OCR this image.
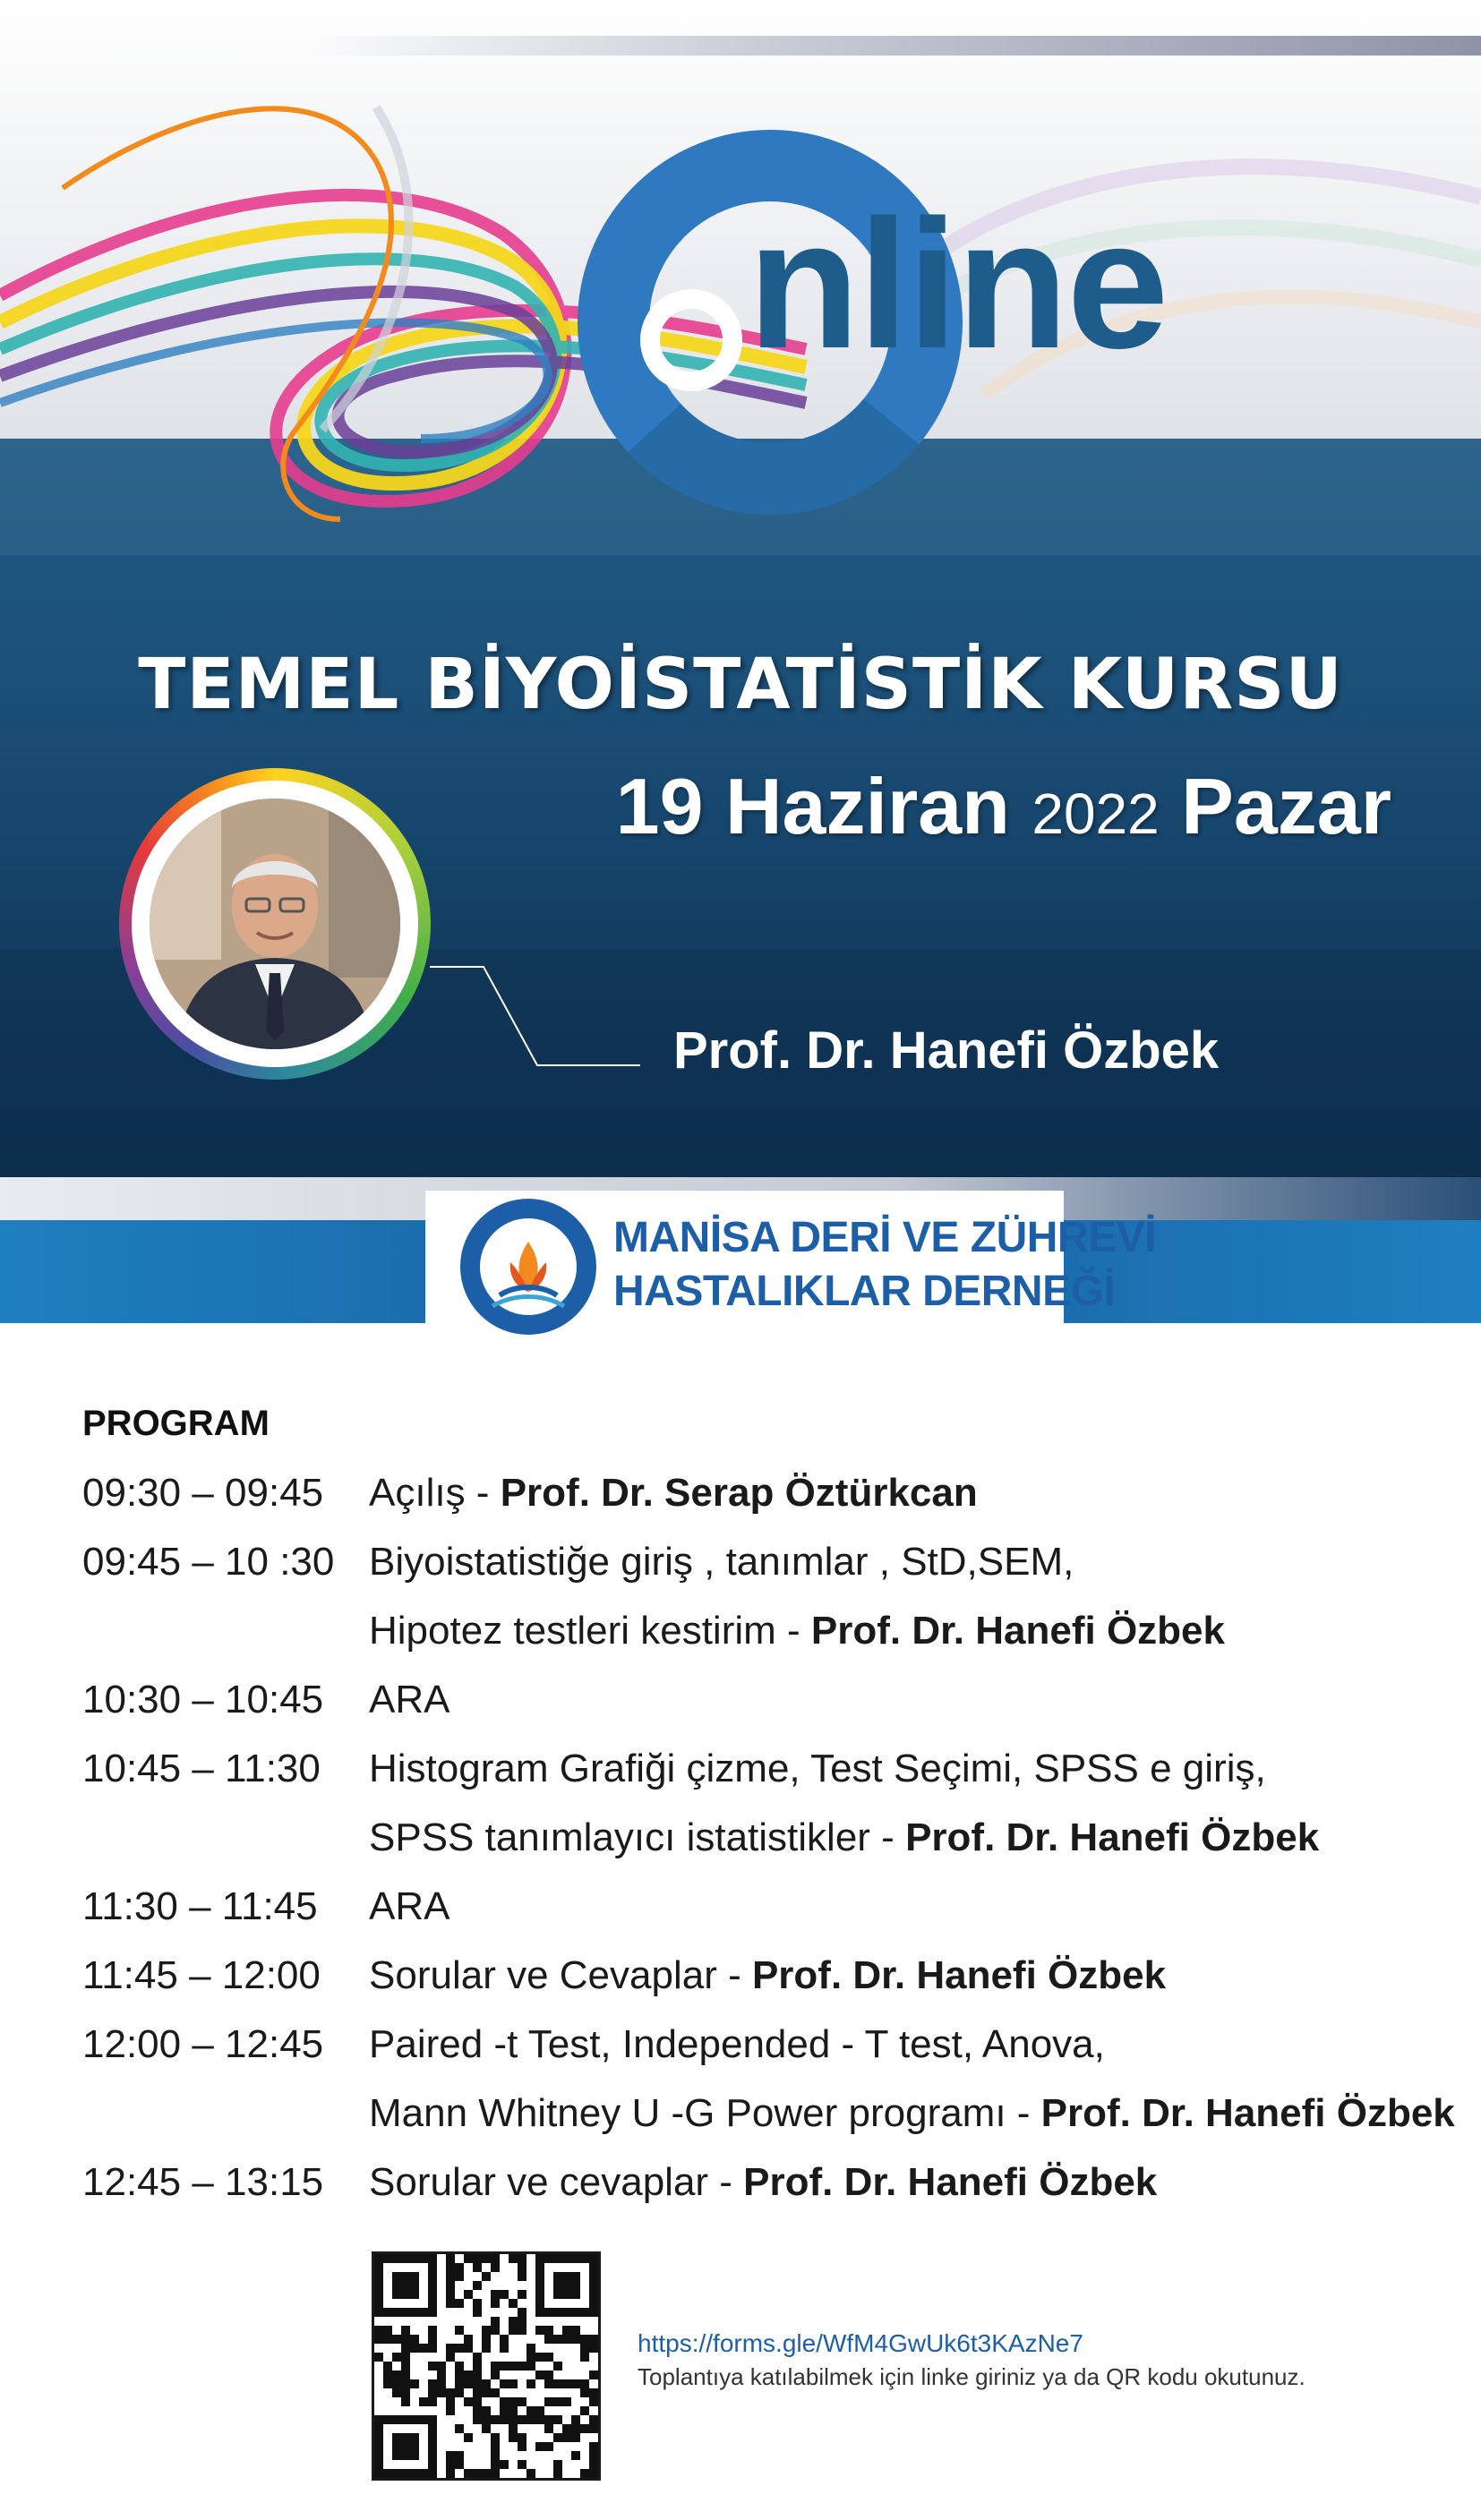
nline
TEMEL BİYOİSTATİSTİK KURSU
19 Haziran 2022 Pazar
Prof. Dr. Hanefi Özbek
MANİSA DERİ VE ZÜHREVİ
HASTALIKLAR DERNEĞİ
PROGRAM
09:30 – 09:45 Açılış - Prof. Dr. Serap Öztürkcan
09:45 – 10 :30 Biyoistatistiğe giriş , tanımlar , StD,SEM,
Hipotez testleri kestirim - Prof. Dr. Hanefi Özbek
10:30 – 10:45 ARA
10:45 – 11:30 Histogram Grafiği çizme, Test Seçimi, SPSS e giriş,
SPSS tanımlayıcı istatistikler - Prof. Dr. Hanefi Özbek
11:30 – 11:45 ARA
11:45 – 12:00 Sorular ve Cevaplar - Prof. Dr. Hanefi Özbek
12:00 – 12:45 Paired -t Test, Independed - T test, Anova,
Mann Whitney U -G Power programı - Prof. Dr. Hanefi Özbek
12:45 – 13:15 Sorular ve cevaplar - Prof. Dr. Hanefi Özbek
https://forms.gle/WfM4GwUk6t3KAzNe7
Toplantıya katılabilmek için linke giriniz ya da QR kodu okutunuz.
